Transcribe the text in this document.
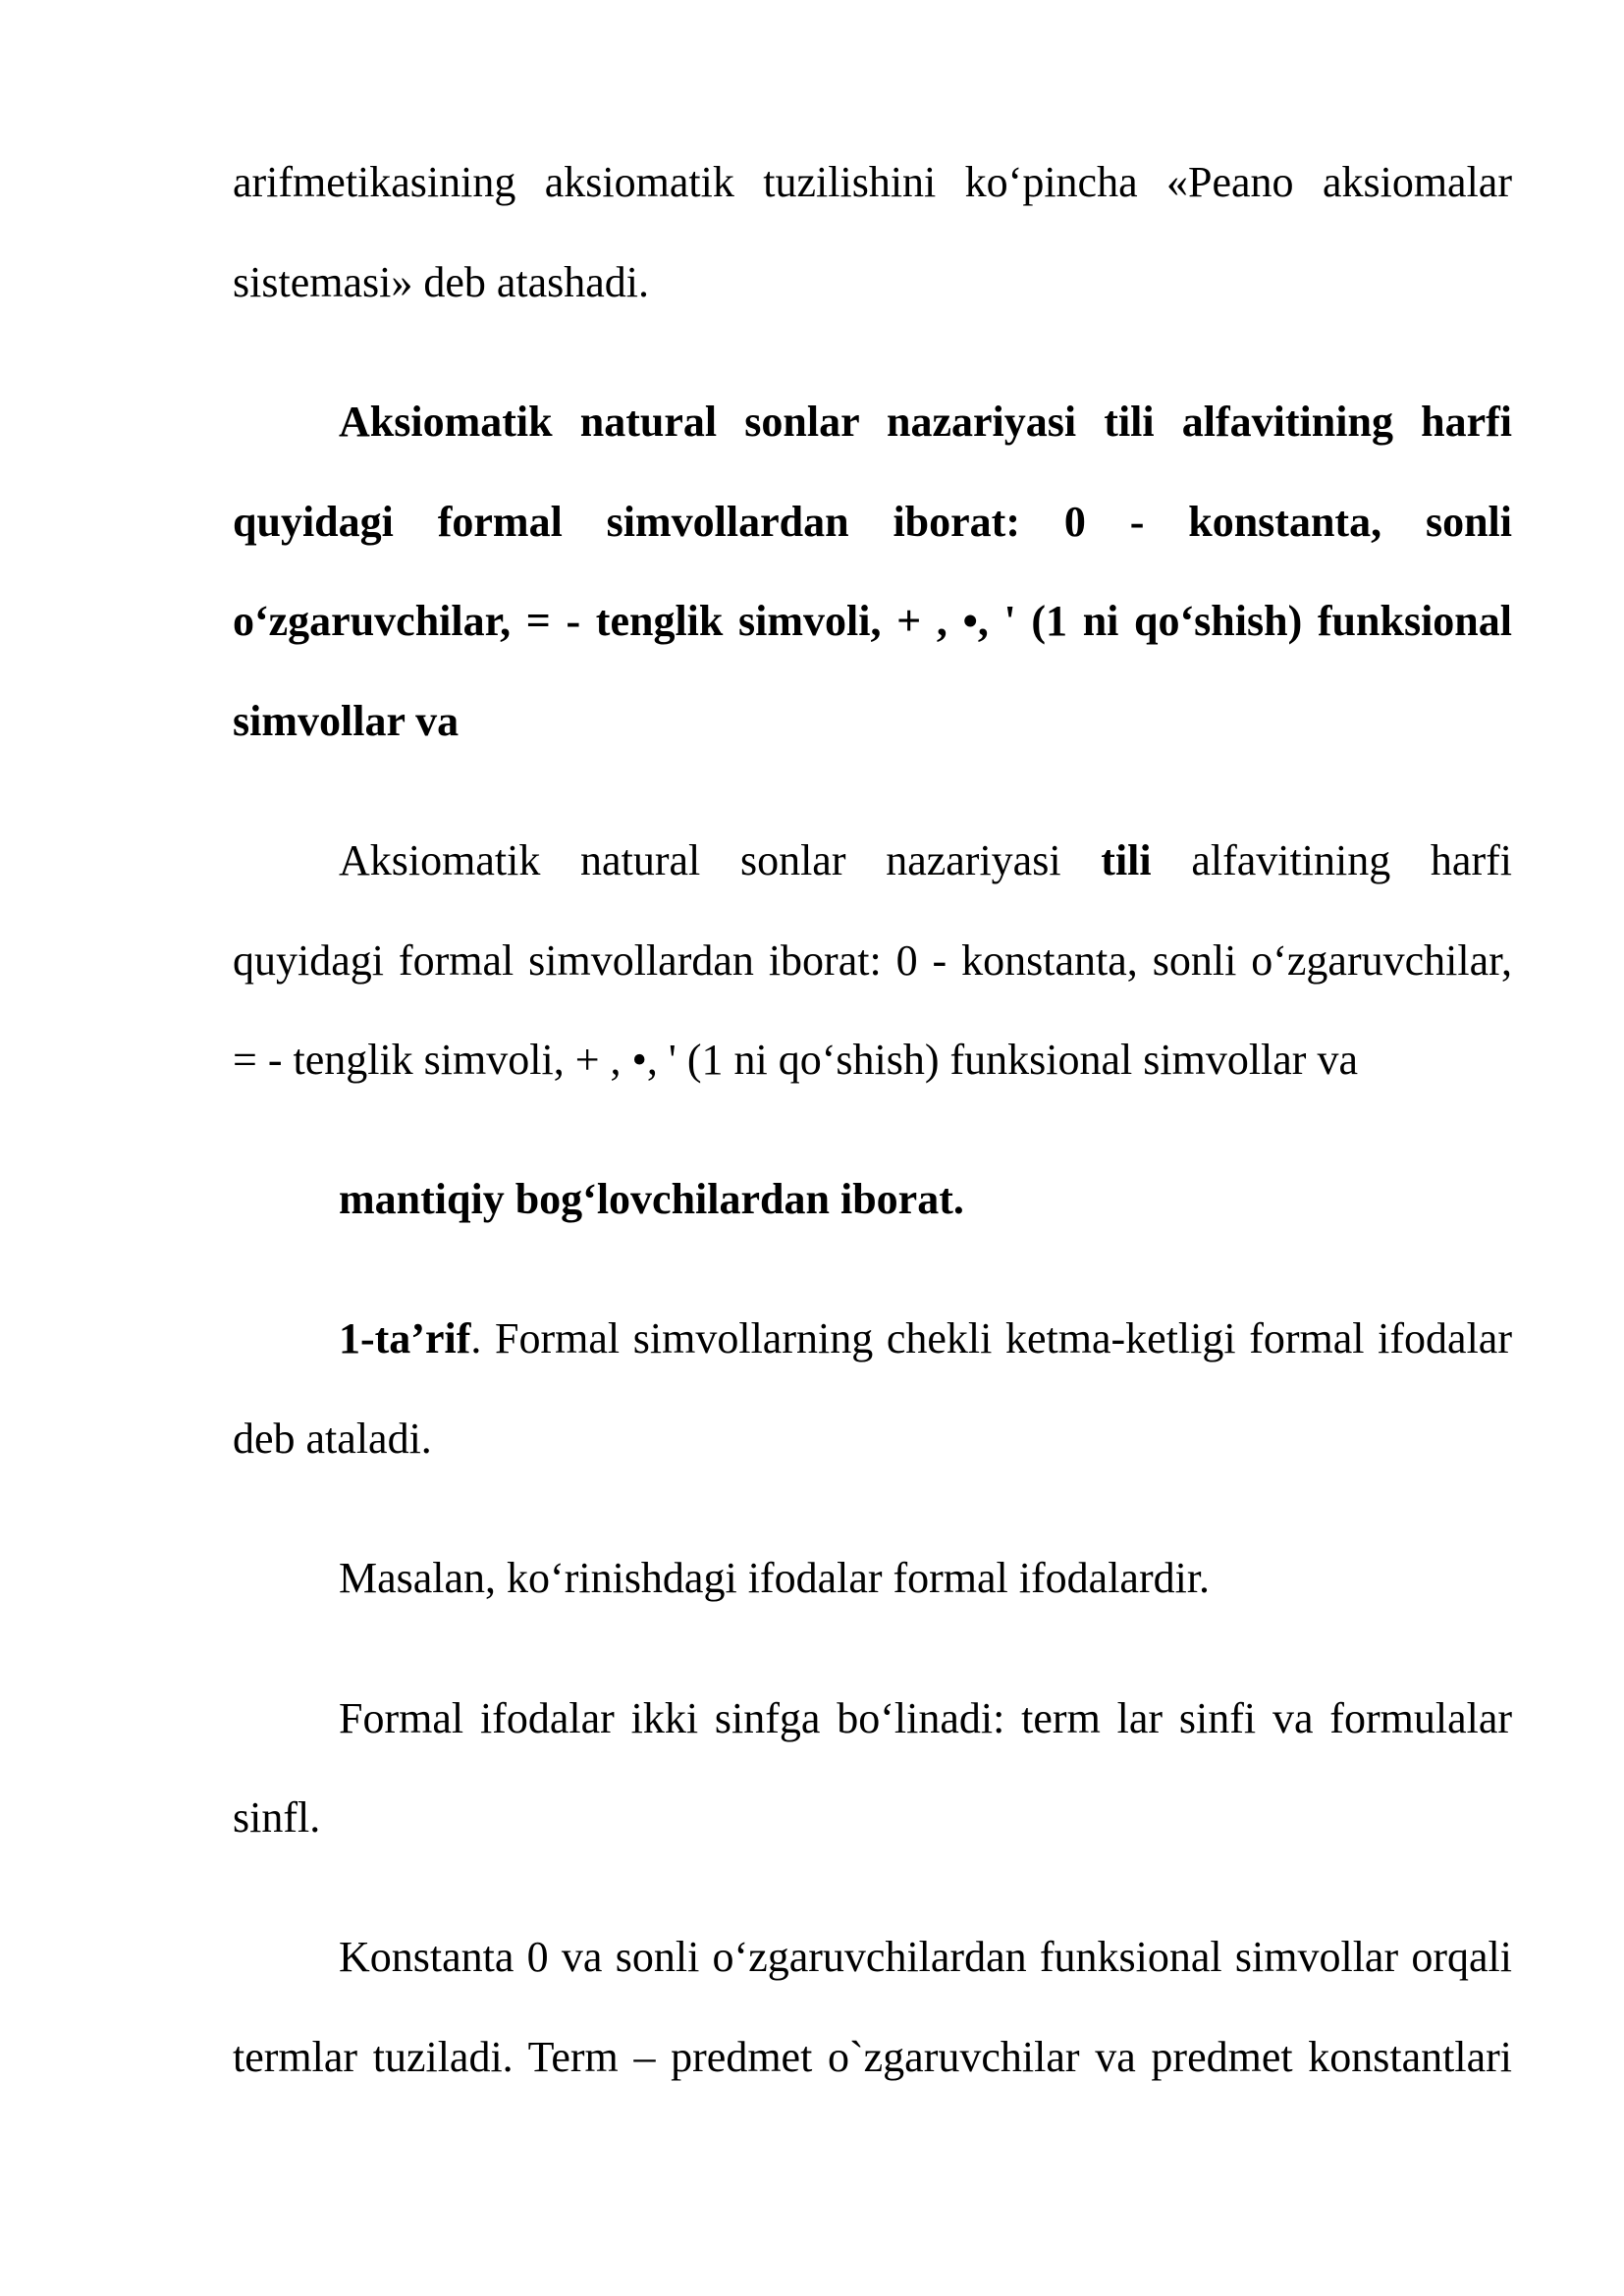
arifmetikasining aksiomatik tuzilishini ko‘pincha «Peano aksiomalar
sistemasi» deb atashadi.
Aksiomatik natural sonlar nazariyasi tili alfavitining harfi
quyidagi formal simvollardan iborat: 0 - konstanta, sonli
o‘zgaruvchilar, = - tenglik simvoli, + , •, ' (1 ni qo‘shish) funksional
simvollar va
Aksiomatik natural sonlar nazariyasi tili alfavitining harfi
quyidagi formal simvollardan iborat: 0 - konstanta, sonli o‘zgaruvchilar,
= - tenglik simvoli, + , •, ' (1 ni qo‘shish) funksional simvollar va
mantiqiy bog‘lovchilardan iborat.
1-ta’rif. Formal simvollarning chekli ketma-ketligi formal ifodalar
deb ataladi.
Masalan, ko‘rinishdagi ifodalar formal ifodalardir.
Formal ifodalar ikki sinfga bo‘linadi: term lar sinfi va formulalar
sinfl.
Konstanta 0 va sonli o‘zgaruvchilardan funksional simvollar orqali
termlar tuziladi. Term – predmet o`zgaruvchilar va predmet konstantlari
